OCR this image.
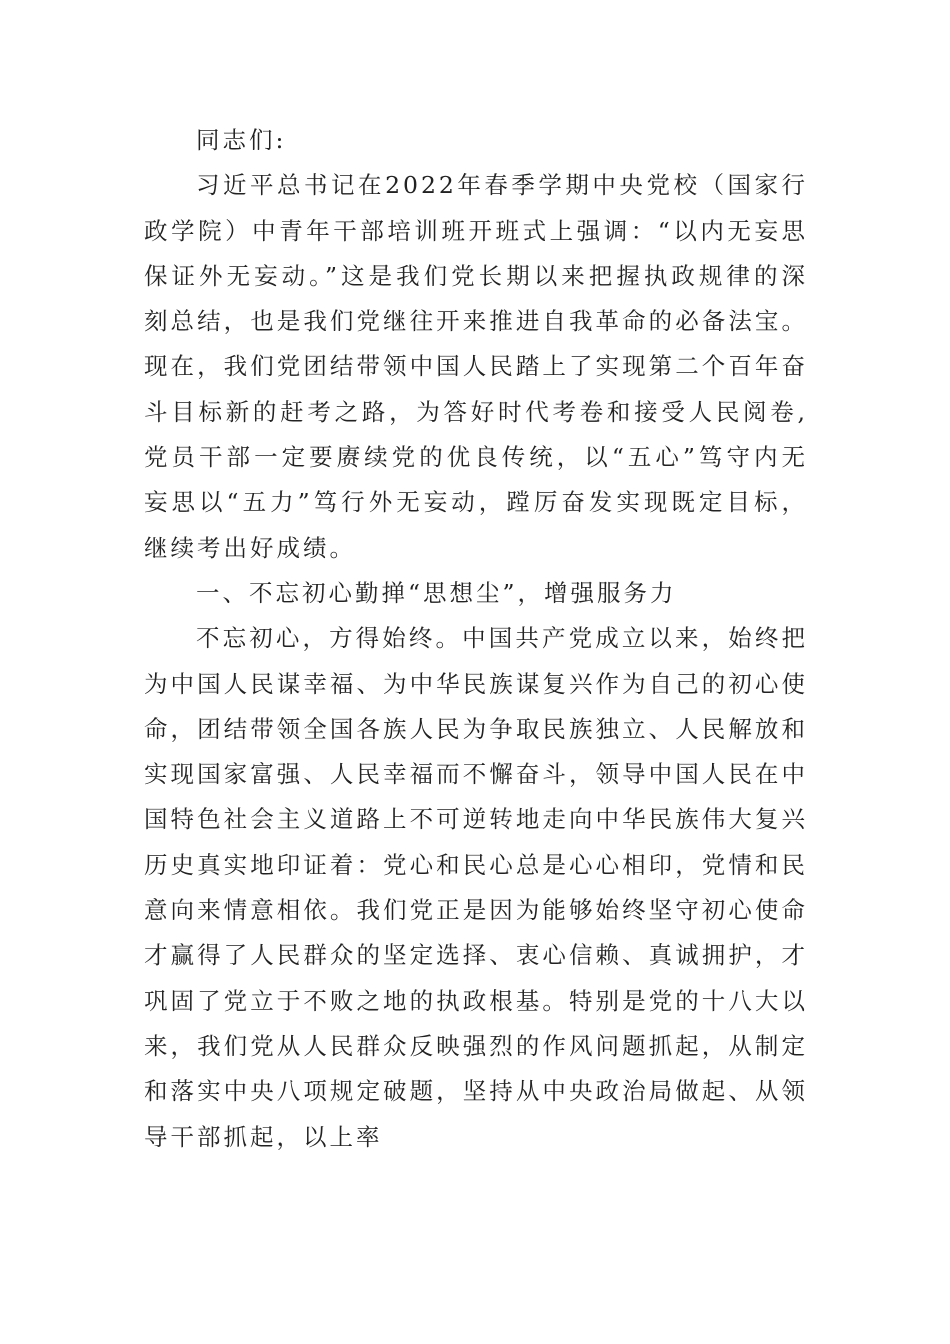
同志们:

习近平总书记在2022年春季学期中央党校（国家行政学院）中青年干部培训班开班式上强调：“以内无妄思保证外无妄动。”这是我们党长期以来把握执政规律的深刻总结，也是我们党继往开来推进自我革命的必备法宝。现在，我们党团结带领中国人民踏上了实现第二个百年奋斗目标新的赶考之路，为答好时代考卷和接受人民阅卷,党员干部一定要赓续党的优良传统，以“五心”笃守内无妄思以“五力”笃行外无妄动，蹚厉奋发实现既定目标，继续考出好成绩。

一、不忘初心勤掸“思想尘”，增强服务力

不忘初心，方得始终。中国共产党成立以来，始终把为中国人民谋幸福、为中华民族谋复兴作为自己的初心使命，团结带领全国各族人民为争取民族独立、人民解放和实现国家富强、人民幸福而不懈奋斗，领导中国人民在中国特色社会主义道路上不可逆转地走向中华民族伟大复兴历史真实地印证着：党心和民心总是心心相印，党情和民意向来情意相依。我们党正是因为能够始终坚守初心使命才赢得了人民群众的坚定选择、衷心信赖、真诚拥护，才巩固了党立于不败之地的执政根基。特别是党的十八大以来，我们党从人民群众反映强烈的作风问题抓起，从制定和落实中央八项规定破题，坚持从中央政治局做起、从领导干部抓起，以上率
